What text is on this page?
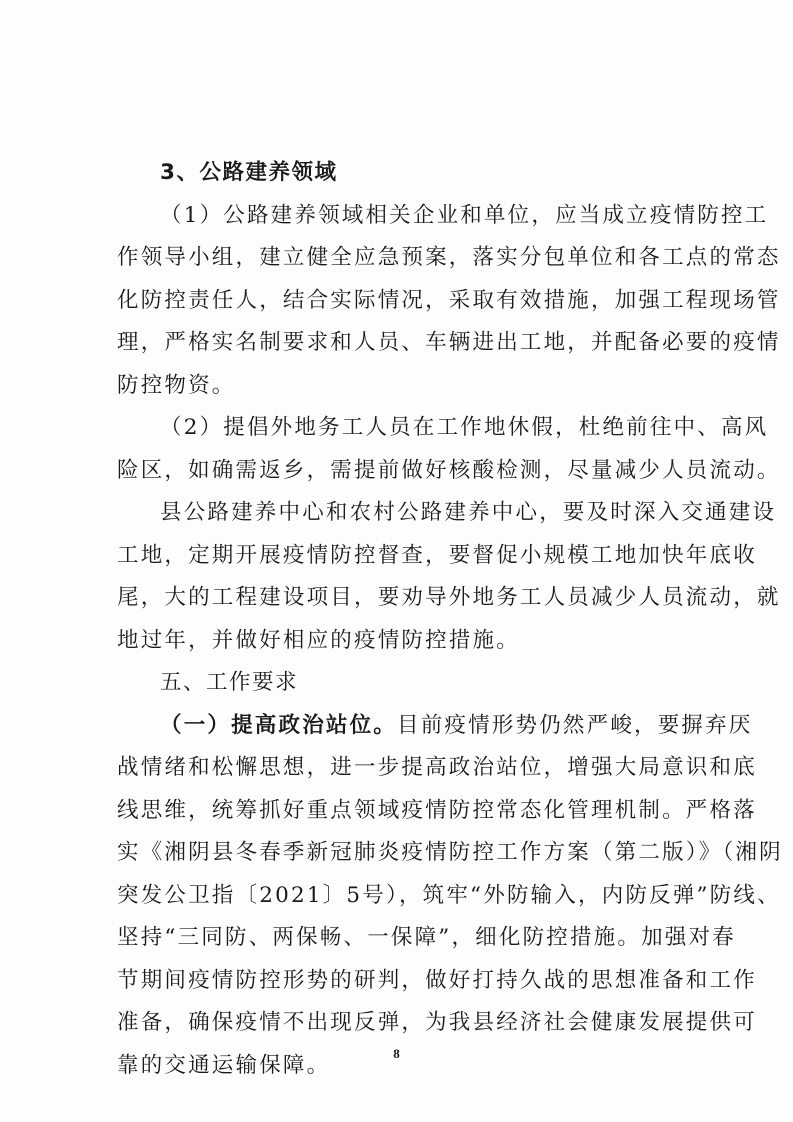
3、公路建养领域
（1）公路建养领域相关企业和单位，应当成立疫情防控工
作领导小组，建立健全应急预案，落实分包单位和各工点的常态
化防控责任人，结合实际情况，采取有效措施，加强工程现场管
理，严格实名制要求和人员、车辆进出工地，并配备必要的疫情
防控物资。
（2）提倡外地务工人员在工作地休假，杜绝前往中、高风
险区，如确需返乡，需提前做好核酸检测，尽量减少人员流动。
县公路建养中心和农村公路建养中心，要及时深入交通建设
工地，定期开展疫情防控督查，要督促小规模工地加快年底收
尾，大的工程建设项目，要劝导外地务工人员减少人员流动，就
地过年，并做好相应的疫情防控措施。
五、工作要求
（一）提高政治站位。目前疫情形势仍然严峻，要摒弃厌
战情绪和松懈思想，进一步提高政治站位，增强大局意识和底
线思维，统筹抓好重点领域疫情防控常态化管理机制。严格落
实《湘阴县冬春季新冠肺炎疫情防控工作方案（第二版）》（湘阴
突发公卫指〔2021〕5号），筑牢“外防输入，内防反弹”防线、
坚持“三同防、两保畅、一保障”，细化防控措施。加强对春
节期间疫情防控形势的研判，做好打持久战的思想准备和工作
准备，确保疫情不出现反弹，为我县经济社会健康发展提供可
靠的交通运输保障。	8
